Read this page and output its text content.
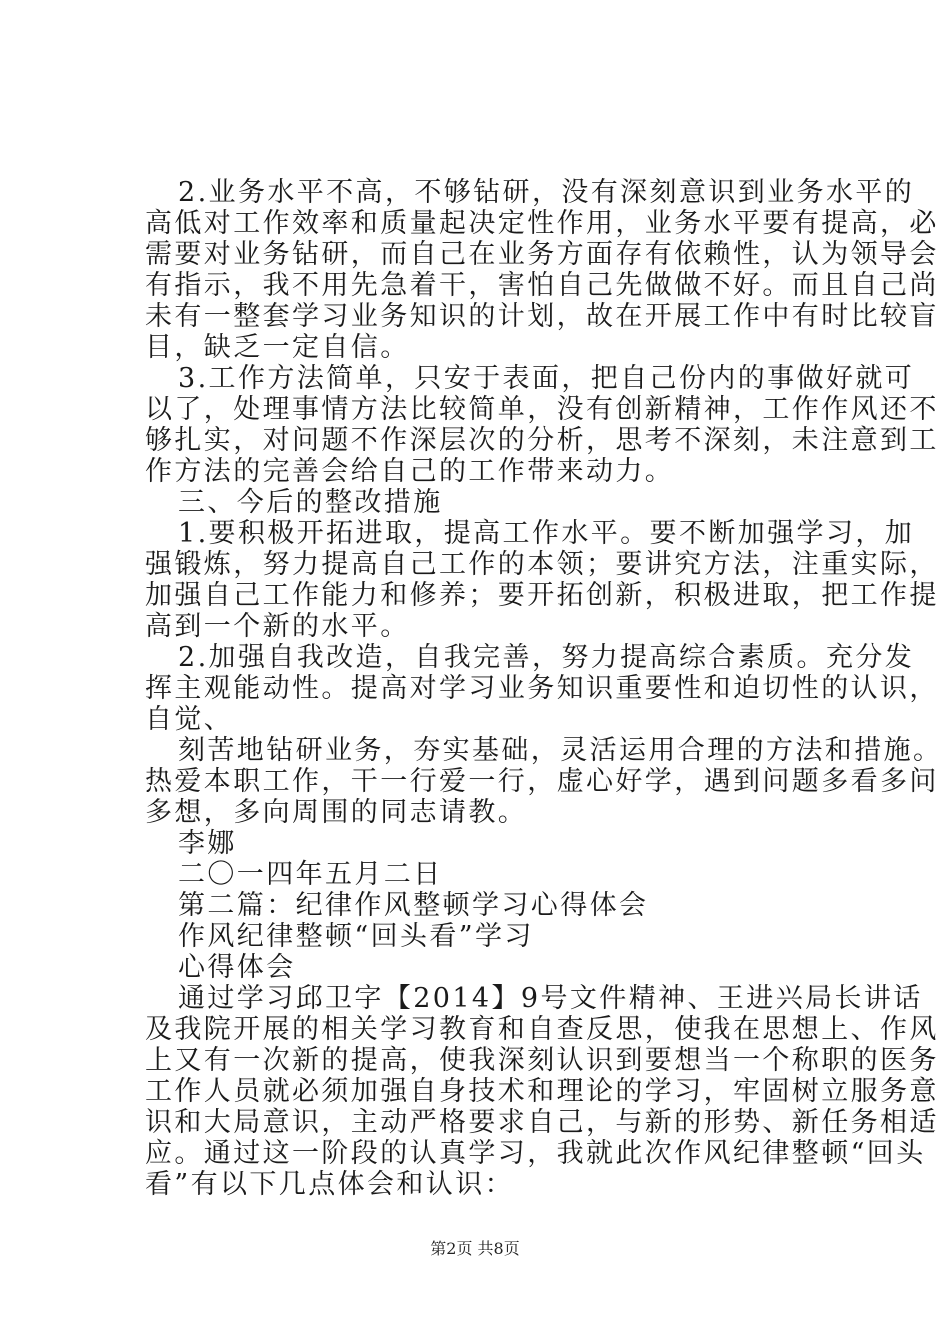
2.业务水平不高，不够钻研，没有深刻意识到业务水平的
高低对工作效率和质量起决定性作用，业务水平要有提高，必
需要对业务钻研，而自己在业务方面存有依赖性，认为领导会
有指示，我不用先急着干，害怕自己先做做不好。而且自己尚
未有一整套学习业务知识的计划，故在开展工作中有时比较盲
目，缺乏一定自信。
3.工作方法简单，只安于表面，把自己份内的事做好就可
以了，处理事情方法比较简单，没有创新精神，工作作风还不
够扎实，对问题不作深层次的分析，思考不深刻，未注意到工
作方法的完善会给自己的工作带来动力。
三、今后的整改措施
1.要积极开拓进取，提高工作水平。要不断加强学习，加
强锻炼，努力提高自己工作的本领；要讲究方法，注重实际，
加强自己工作能力和修养；要开拓创新，积极进取，把工作提
高到一个新的水平。
2.加强自我改造，自我完善，努力提高综合素质。充分发
挥主观能动性。提高对学习业务知识重要性和迫切性的认识，
自觉、
刻苦地钻研业务，夯实基础，灵活运用合理的方法和措施。
热爱本职工作，干一行爱一行，虚心好学，遇到问题多看多问
多想，多向周围的同志请教。
李娜
二〇一四年五月二日
第二篇：纪律作风整顿学习心得体会
作风纪律整顿“回头看”学习
心得体会
通过学习邱卫字【2014】9号文件精神、王进兴局长讲话
及我院开展的相关学习教育和自查反思，使我在思想上、作风
上又有一次新的提高，使我深刻认识到要想当一个称职的医务
工作人员就必须加强自身技术和理论的学习，牢固树立服务意
识和大局意识，主动严格要求自己，与新的形势、新任务相适
应。通过这一阶段的认真学习，我就此次作风纪律整顿“回头
看”有以下几点体会和认识：
第2页 共8页
